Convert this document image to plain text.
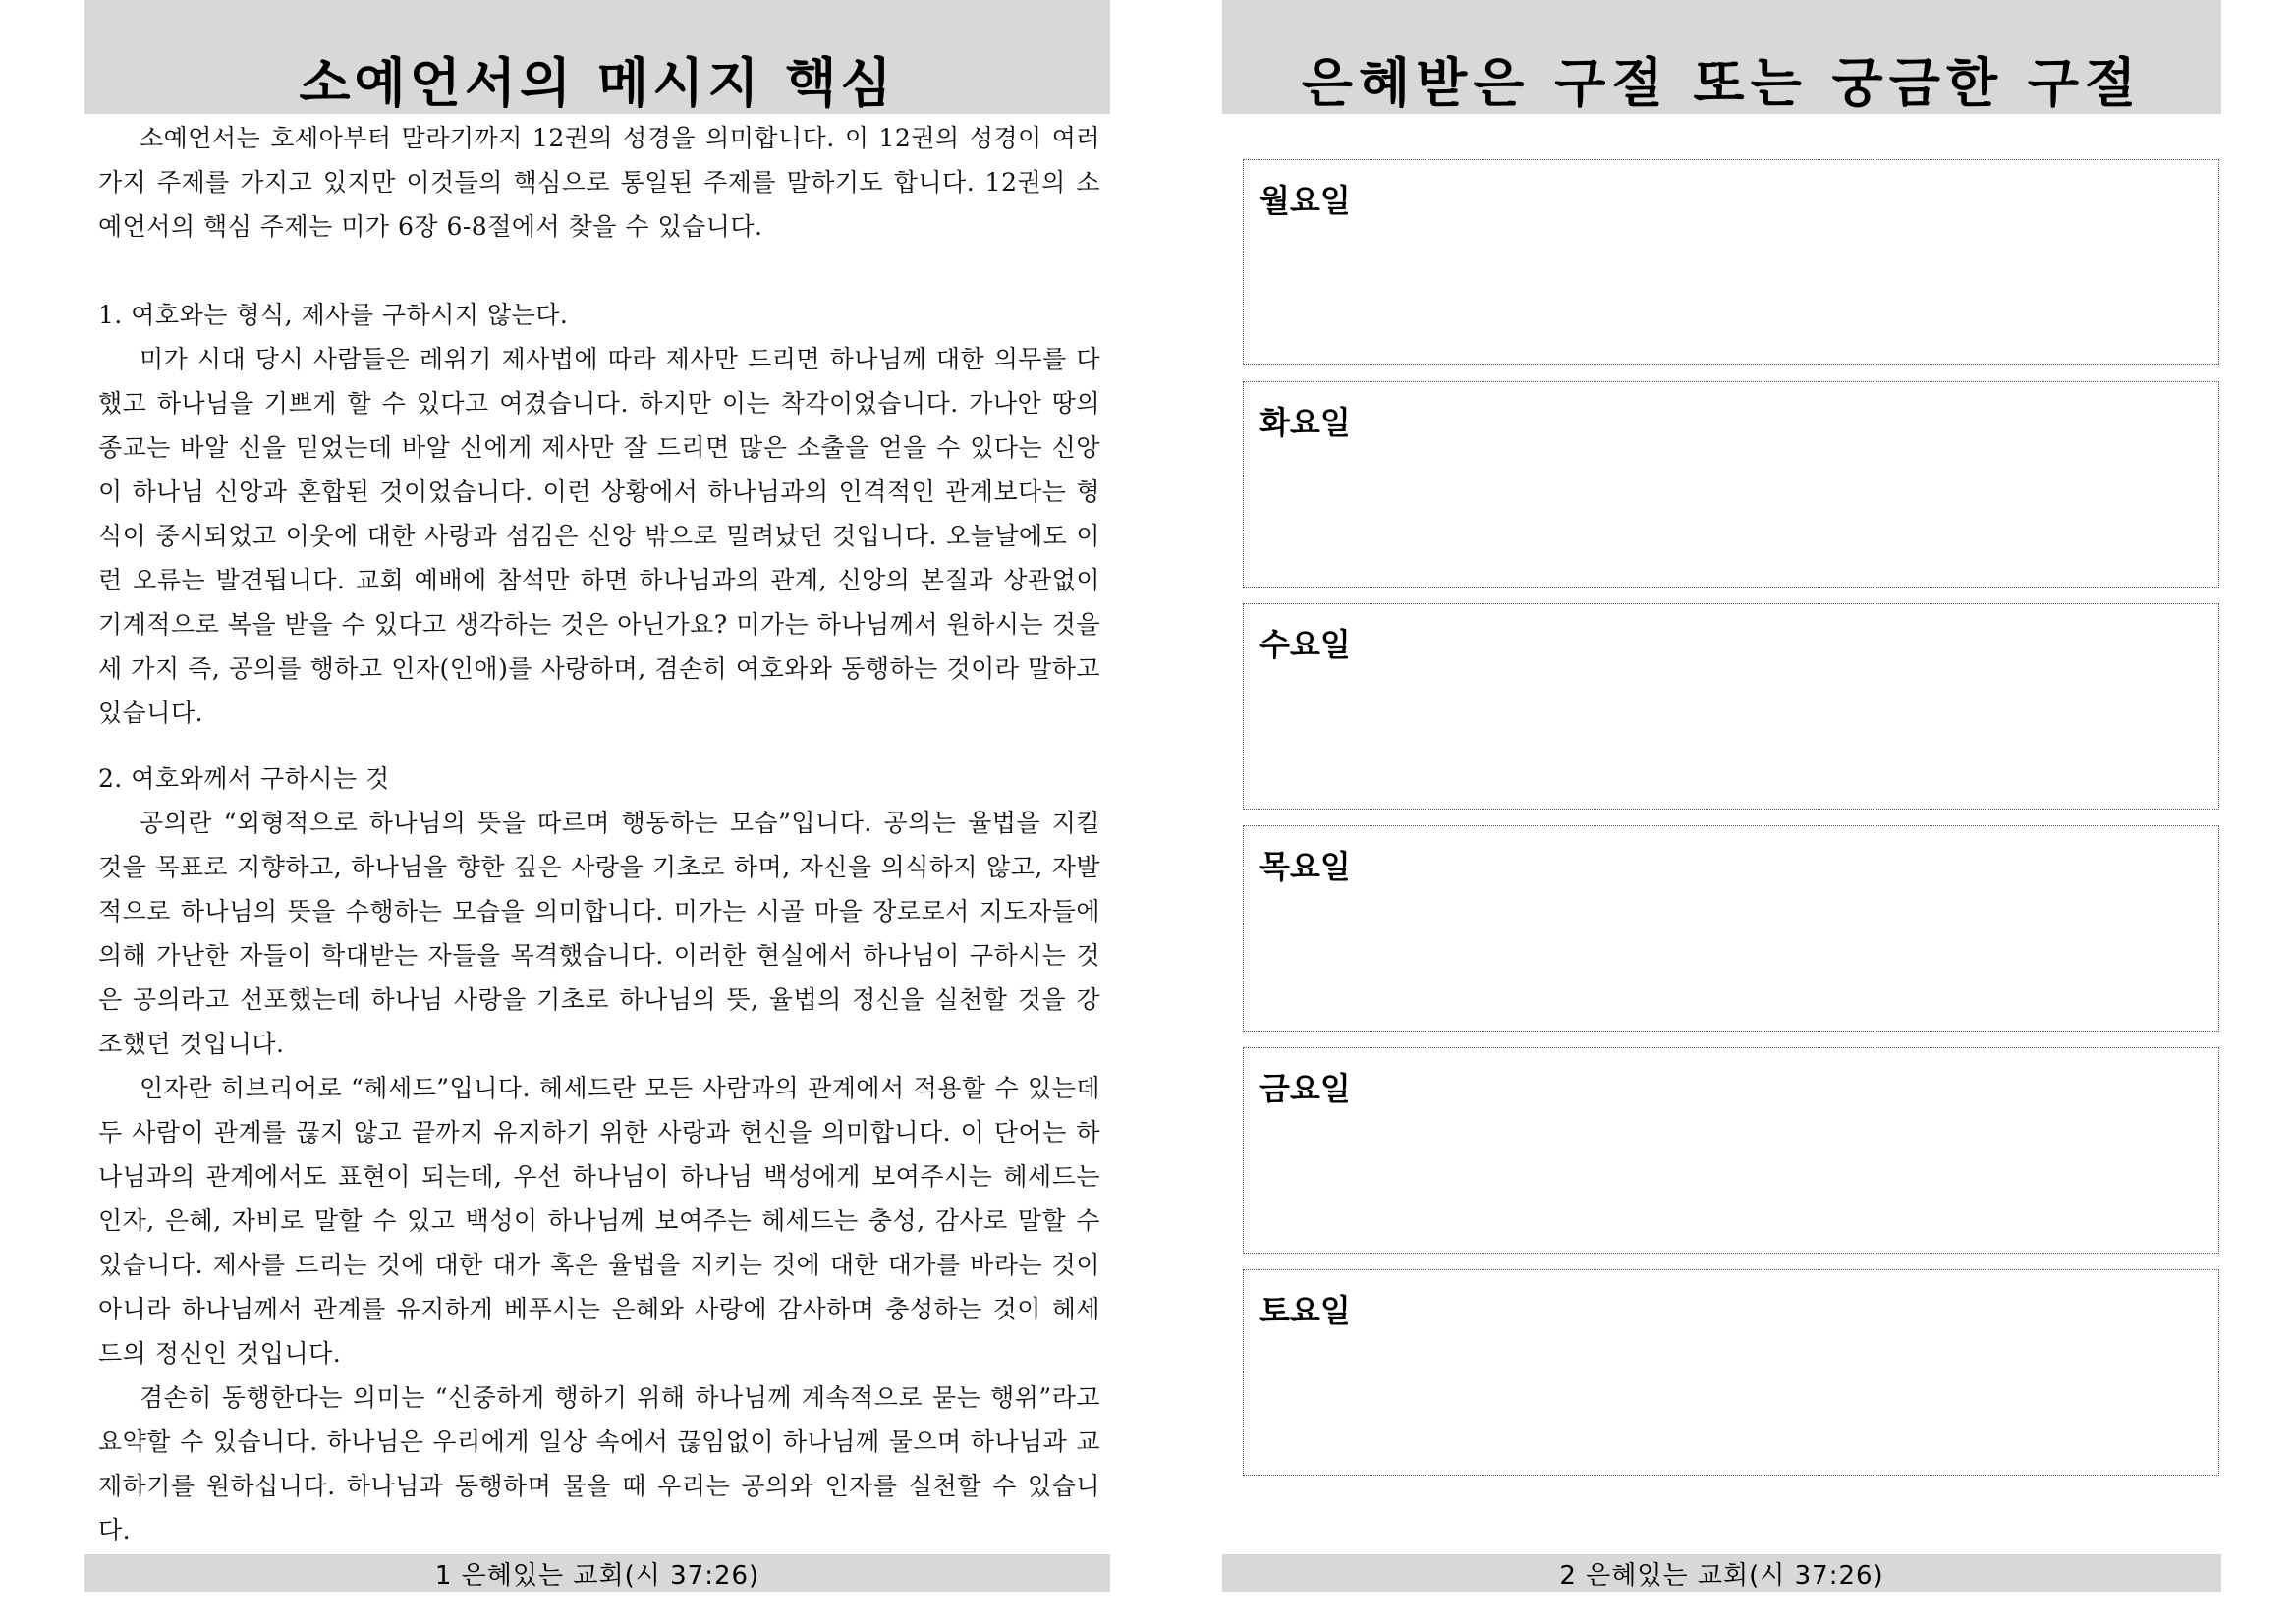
소예언서의 메시지 핵심

소예언서는 호세아부터 말라기까지 12권의 성경을 의미합니다. 이 12권의 성경이 여러 가지 주제를 가지고 있지만 이것들의 핵심으로 통일된 주제를 말하기도 합니다. 12권의 소예언서의 핵심 주제는 미가 6장 6-8절에서 찾을 수 있습니다.

1. 여호와는 형식, 제사를 구하시지 않는다.

미가 시대 당시 사람들은 레위기 제사법에 따라 제사만 드리면 하나님께 대한 의무를 다했고 하나님을 기쁘게 할 수 있다고 여겼습니다. 하지만 이는 착각이었습니다. 가나안 땅의 종교는 바알 신을 믿었는데 바알 신에게 제사만 잘 드리면 많은 소출을 얻을 수 있다는 신앙이 하나님 신앙과 혼합된 것이었습니다. 이런 상황에서 하나님과의 인격적인 관계보다는 형식이 중시되었고 이웃에 대한 사랑과 섬김은 신앙 밖으로 밀려났던 것입니다. 오늘날에도 이런 오류는 발견됩니다. 교회 예배에 참석만 하면 하나님과의 관계, 신앙의 본질과 상관없이 기계적으로 복을 받을 수 있다고 생각하는 것은 아닌가요? 미가는 하나님께서 원하시는 것을 세 가지 즉, 공의를 행하고 인자(인애)를 사랑하며, 겸손히 여호와와 동행하는 것이라 말하고 있습니다.

2. 여호와께서 구하시는 것

공의란 “외형적으로 하나님의 뜻을 따르며 행동하는 모습”입니다. 공의는 율법을 지킬 것을 목표로 지향하고, 하나님을 향한 깊은 사랑을 기초로 하며, 자신을 의식하지 않고, 자발적으로 하나님의 뜻을 수행하는 모습을 의미합니다. 미가는 시골 마을 장로로서 지도자들에 의해 가난한 자들이 학대받는 자들을 목격했습니다. 이러한 현실에서 하나님이 구하시는 것은 공의라고 선포했는데 하나님 사랑을 기초로 하나님의 뜻, 율법의 정신을 실천할 것을 강조했던 것입니다.

인자란 히브리어로 “헤세드”입니다. 헤세드란 모든 사람과의 관계에서 적용할 수 있는데 두 사람이 관계를 끊지 않고 끝까지 유지하기 위한 사랑과 헌신을 의미합니다. 이 단어는 하나님과의 관계에서도 표현이 되는데, 우선 하나님이 하나님 백성에게 보여주시는 헤세드는 인자, 은혜, 자비로 말할 수 있고 백성이 하나님께 보여주는 헤세드는 충성, 감사로 말할 수 있습니다. 제사를 드리는 것에 대한 대가 혹은 율법을 지키는 것에 대한 대가를 바라는 것이 아니라 하나님께서 관계를 유지하게 베푸시는 은혜와 사랑에 감사하며 충성하는 것이 헤세드의 정신인 것입니다.

겸손히 동행한다는 의미는 “신중하게 행하기 위해 하나님께 계속적으로 묻는 행위”라고 요약할 수 있습니다. 하나님은 우리에게 일상 속에서 끊임없이 하나님께 물으며 하나님과 교제하기를 원하십니다. 하나님과 동행하며 물을 때 우리는 공의와 인자를 실천할 수 있습니다.

1 은혜있는 교회(시 37:26)
은혜받은 구절 또는 궁금한 구절
월요일
화요일
수요일
목요일
금요일
토요일
2 은혜있는 교회(시 37:26)
